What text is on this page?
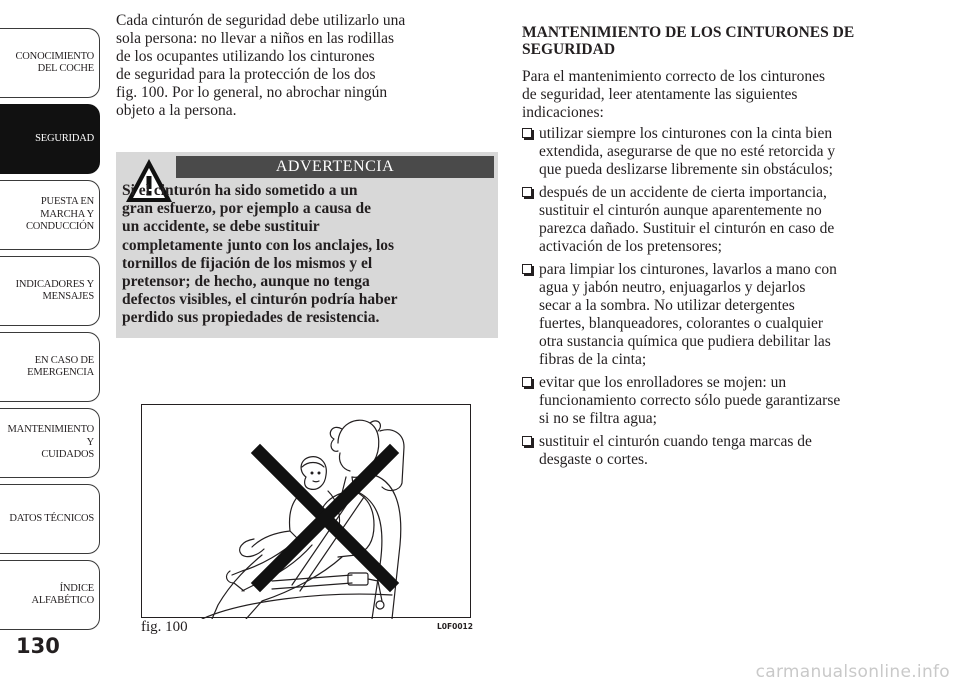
CONOCIMIENTO
DEL COCHE
SEGURIDAD
PUESTA EN
MARCHA Y
CONDUCCIÓN
INDICADORES Y
MENSAJES
EN CASO DE
EMERGENCIA
MANTENIMIENTO Y
CUIDADOS
DATOS TÉCNICOS
ÍNDICE
ALFABÉTICO
130

Cada cinturón de seguridad debe utilizarlo una
sola persona: no llevar a niños en las rodillas
de los ocupantes utilizando los cinturones
de seguridad para la protección de los dos
fig. 100. Por lo general, no abrochar ningún
objeto a la persona.

ADVERTENCIA

Si el cinturón ha sido sometido a un
gran esfuerzo, por ejemplo a causa de
un accidente, se debe sustituir
completamente junto con los anclajes, los
tornillos de fijación de los mismos y el
pretensor; de hecho, aunque no tenga
defectos visibles, el cinturón podría haber
perdido sus propiedades de resistencia.

fig. 100	L0F0012
MANTENIMIENTO DE LOS CINTURONES DE
SEGURIDAD

Para el mantenimiento correcto de los cinturones
de seguridad, leer atentamente las siguientes
indicaciones:

utilizar siempre los cinturones con la cinta bien
extendida, asegurarse de que no esté retorcida y
que pueda deslizarse libremente sin obstáculos;
después de un accidente de cierta importancia,
sustituir el cinturón aunque aparentemente no
parezca dañado. Sustituir el cinturón en caso de
activación de los pretensores;
para limpiar los cinturones, lavarlos a mano con
agua y jabón neutro, enjuagarlos y dejarlos
secar a la sombra. No utilizar detergentes
fuertes, blanqueadores, colorantes o cualquier
otra sustancia química que pudiera debilitar las
fibras de la cinta;
evitar que los enrolladores se mojen: un
funcionamiento correcto sólo puede garantizarse
si no se filtra agua;
sustituir el cinturón cuando tenga marcas de
desgaste o cortes.
carmanualsonline.info
